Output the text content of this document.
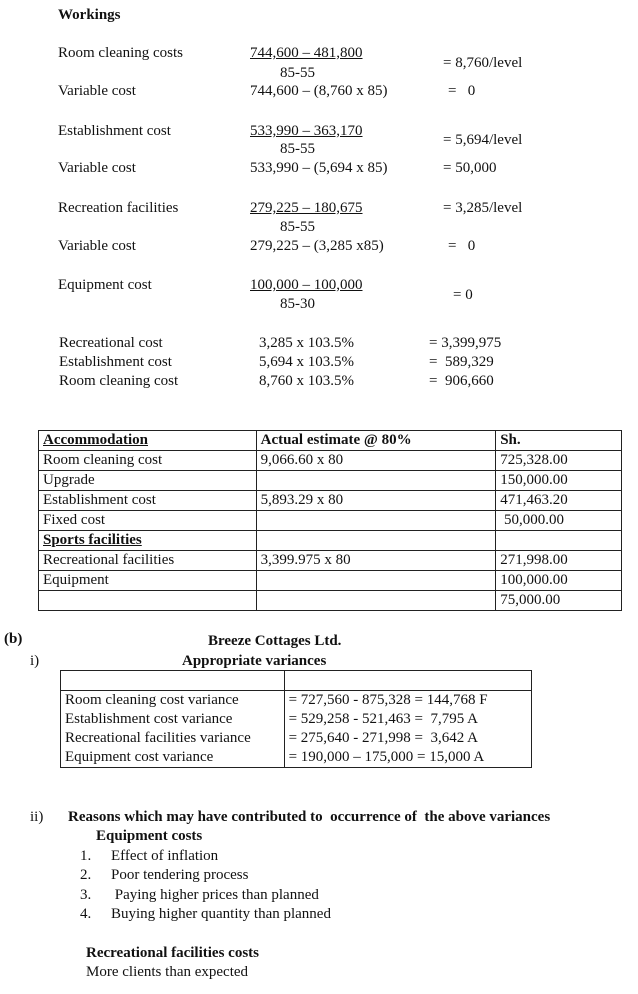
Workings
Room cleaning costs	744,600 – 481,800
85-55
= 8,760/level
Variable cost	744,600 – (8,760 x 85)	=   0
Establishment cost	533,990 – 363,170
85-55
= 5,694/level
Variable cost	533,990 – (5,694 x 85)	= 50,000
Recreation facilities	279,225 – 180,675
85-55
= 3,285/level
Variable cost	279,225 – (3,285 x85)	=   0
Equipment cost	100,000 – 100,000
85-30
= 0
Recreational cost	3,285 x 103.5%	= 3,399,975
Establishment cost	5,694 x 103.5%	=  589,329
Room cleaning cost	8,760 x 103.5%	=  906,660
Accommodation	Actual estimate @ 80%	Sh.
Room cleaning cost	9,066.60 x 80	725,328.00
Upgrade		150,000.00
Establishment cost	5,893.29 x 80	471,463.20
Fixed cost		50,000.00
Sports facilities		
Recreational facilities	3,399.975 x 80	271,998.00
Equipment		100,000.00
		75,000.00
(b)	Breeze Cottages Ltd.
i)	Appropriate variances

Room cleaning cost variance	= 727,560 - 875,328 = 144,768 F
Establishment cost variance	= 529,258 - 521,463 =  7,795 A
Recreational facilities variance	= 275,640 - 271,998 =  3,642 A
Equipment cost variance	= 190,000 – 175,000 = 15,000 A
ii) Reasons which may have contributed to  occurrence of  the above variances
Equipment costs
1. Effect of inflation
2. Poor tendering process
3. Paying higher prices than planned
4. Buying higher quantity than planned
Recreational facilities costs
More clients than expected
